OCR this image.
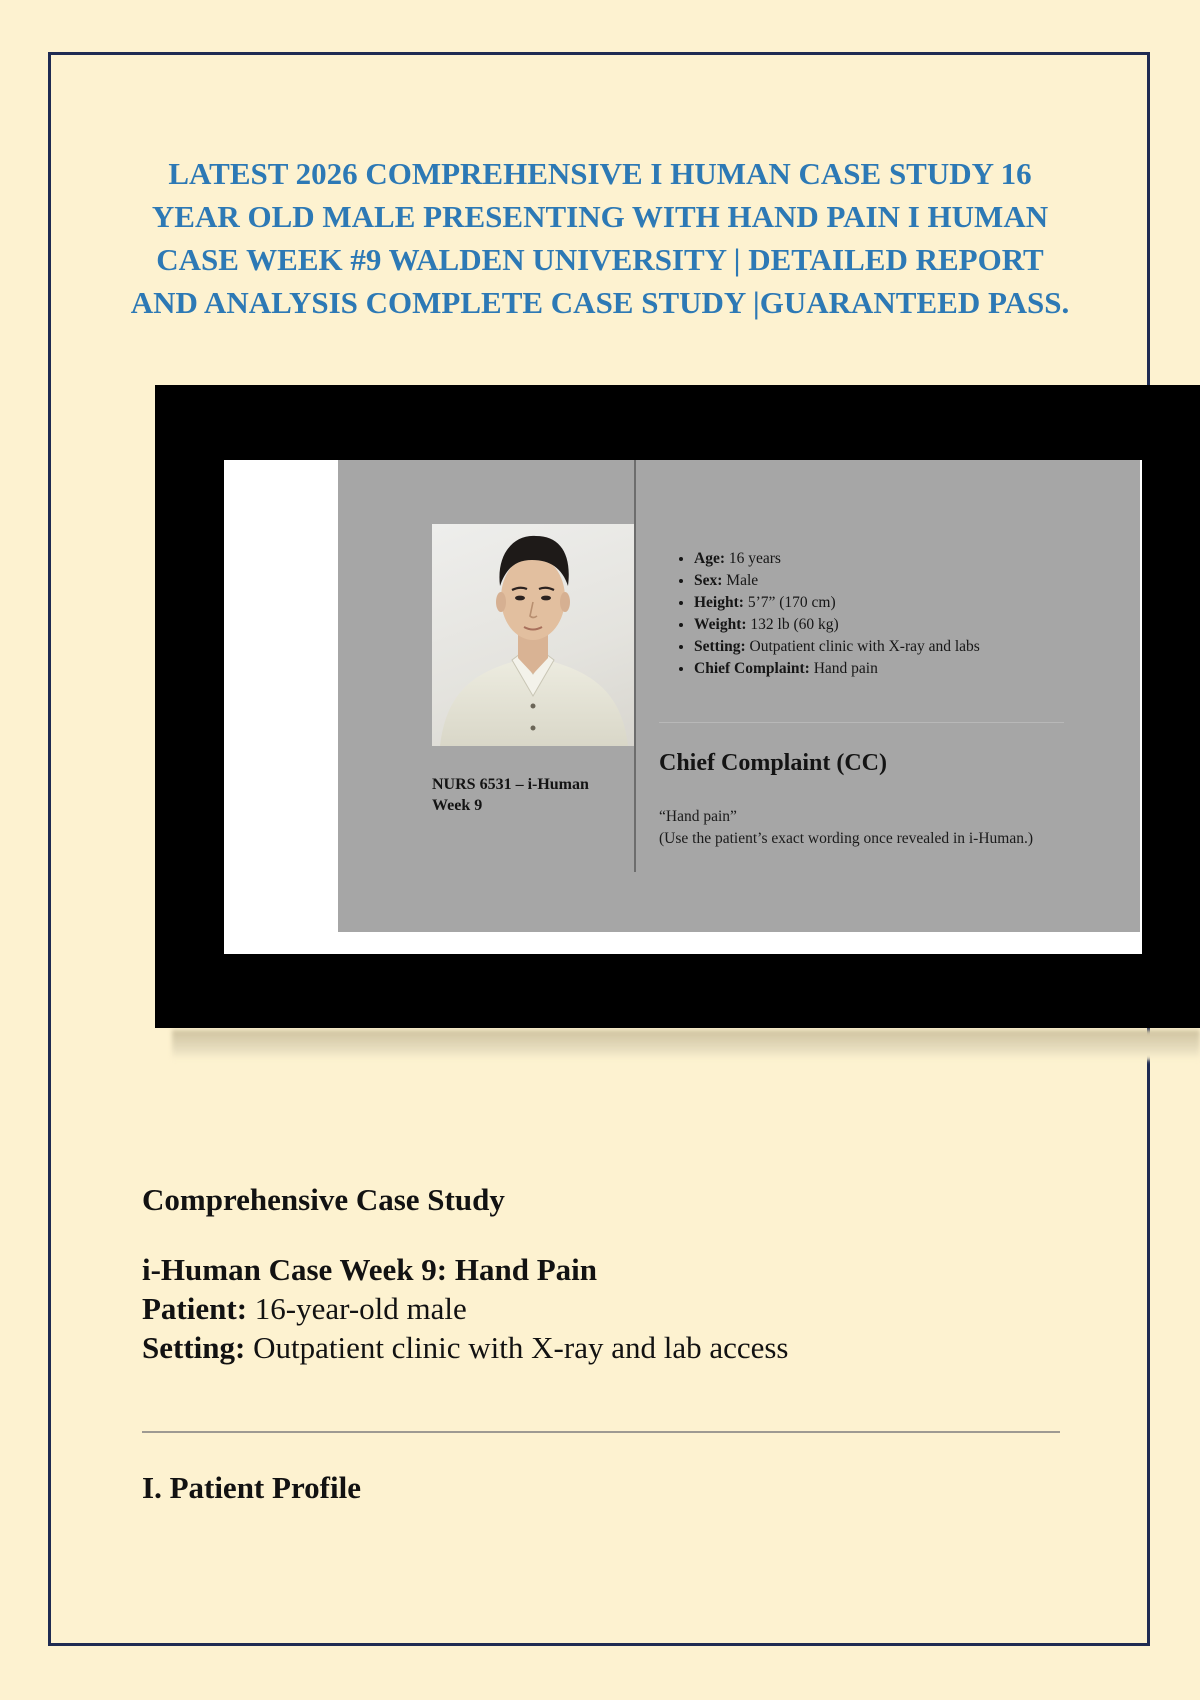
LATEST 2026 COMPREHENSIVE I HUMAN CASE STUDY 16 YEAR OLD MALE PRESENTING WITH HAND PAIN I HUMAN CASE WEEK #9 WALDEN UNIVERSITY | DETAILED REPORT AND ANALYSIS COMPLETE CASE STUDY |GUARANTEED PASS.

NURS 6531 – i-Human Week 9

• Age: 16 years
• Sex: Male
• Height: 5’7” (170 cm)
• Weight: 132 lb (60 kg)
• Setting: Outpatient clinic with X-ray and labs
• Chief Complaint: Hand pain
Chief Complaint (CC)

“Hand pain”
(Use the patient’s exact wording once revealed in i-Human.)

Comprehensive Case Study

i-Human Case Week 9: Hand Pain
Patient: 16-year-old male
Setting: Outpatient clinic with X-ray and lab access

I. Patient Profile
